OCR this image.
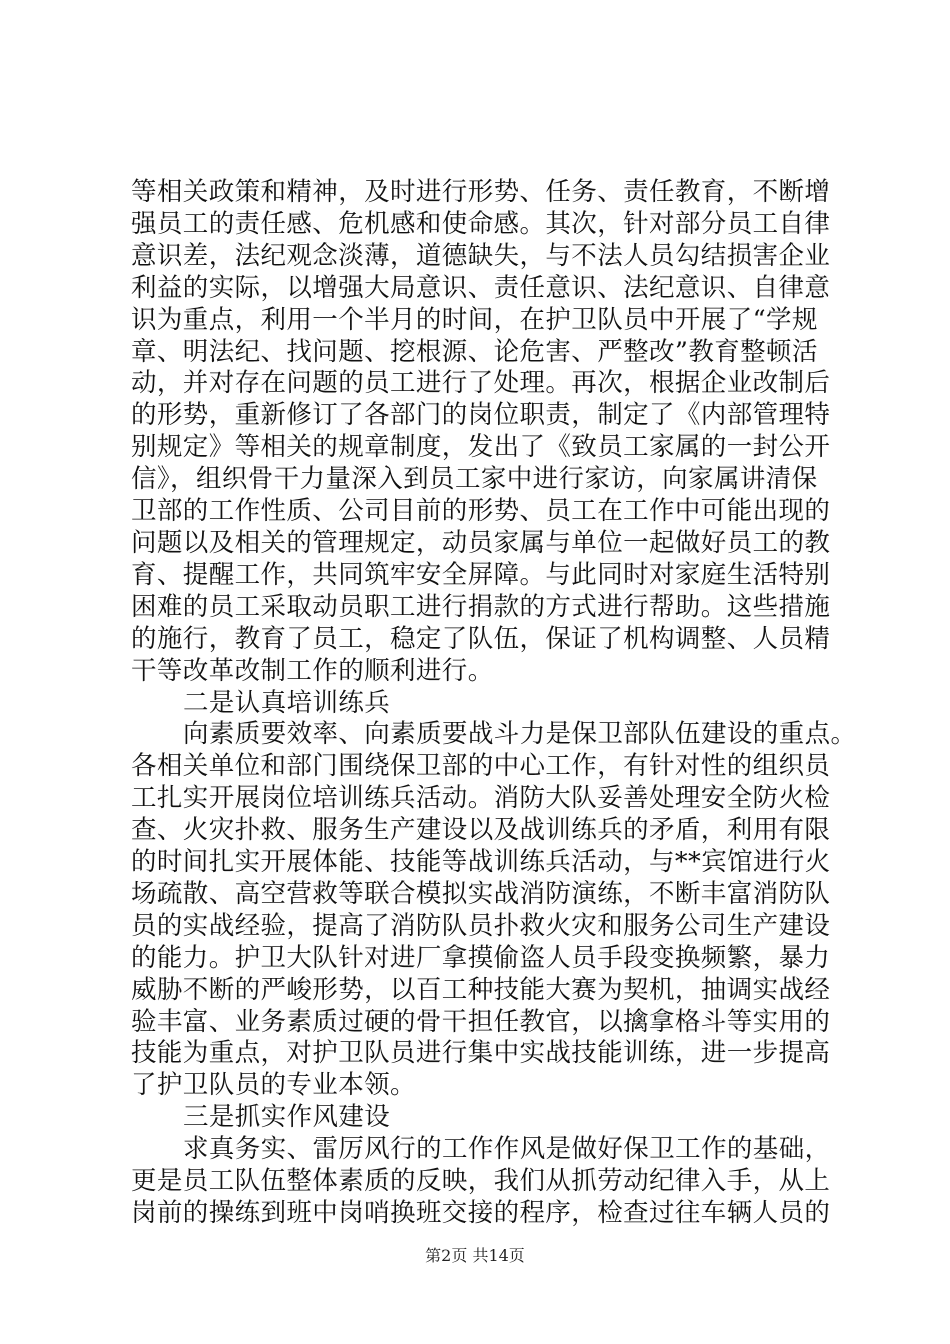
等相关政策和精神，及时进行形势、任务、责任教育，不断增
强员工的责任感、危机感和使命感。其次，针对部分员工自律
意识差，法纪观念淡薄，道德缺失，与不法人员勾结损害企业
利益的实际，以增强大局意识、责任意识、法纪意识、自律意
识为重点，利用一个半月的时间，在护卫队员中开展了“学规
章、明法纪、找问题、挖根源、论危害、严整改”教育整顿活
动，并对存在问题的员工进行了处理。再次，根据企业改制后
的形势，重新修订了各部门的岗位职责，制定了《内部管理特
别规定》等相关的规章制度，发出了《致员工家属的一封公开
信》，组织骨干力量深入到员工家中进行家访，向家属讲清保
卫部的工作性质、公司目前的形势、员工在工作中可能出现的
问题以及相关的管理规定，动员家属与单位一起做好员工的教
育、提醒工作，共同筑牢安全屏障。与此同时对家庭生活特别
困难的员工采取动员职工进行捐款的方式进行帮助。这些措施
的施行，教育了员工，稳定了队伍，保证了机构调整、人员精
干等改革改制工作的顺利进行。
二是认真培训练兵
向素质要效率、向素质要战斗力是保卫部队伍建设的重点。
各相关单位和部门围绕保卫部的中心工作，有针对性的组织员
工扎实开展岗位培训练兵活动。消防大队妥善处理安全防火检
查、火灾扑救、服务生产建设以及战训练兵的矛盾，利用有限
的时间扎实开展体能、技能等战训练兵活动，与**宾馆进行火
场疏散、高空营救等联合模拟实战消防演练，不断丰富消防队
员的实战经验，提高了消防队员扑救火灾和服务公司生产建设
的能力。护卫大队针对进厂拿摸偷盗人员手段变换频繁，暴力
威胁不断的严峻形势，以百工种技能大赛为契机，抽调实战经
验丰富、业务素质过硬的骨干担任教官，以擒拿格斗等实用的
技能为重点，对护卫队员进行集中实战技能训练，进一步提高
了护卫队员的专业本领。
三是抓实作风建设
求真务实、雷厉风行的工作作风是做好保卫工作的基础，
更是员工队伍整体素质的反映，我们从抓劳动纪律入手，从上
岗前的操练到班中岗哨换班交接的程序，检查过往车辆人员的
第2页 共14页
